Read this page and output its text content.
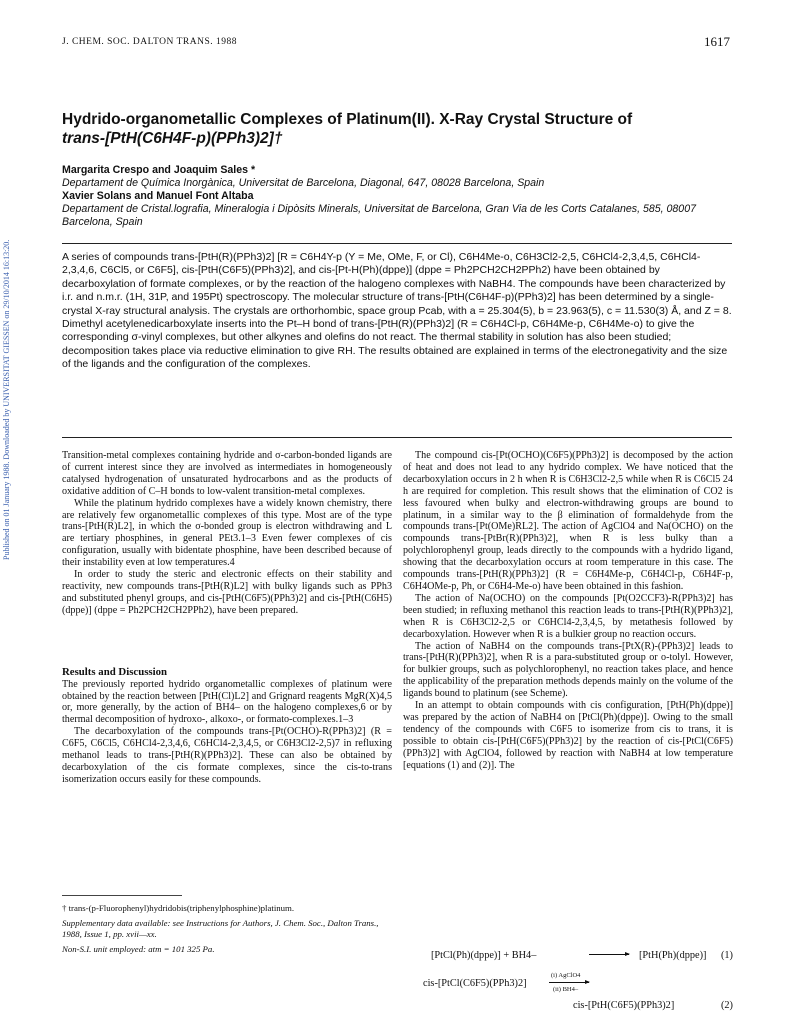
Published on 01 January 1988. Downloaded by UNIVERSITAT GIESSEN on 29/10/2014 16:13:20.
J. CHEM. SOC. DALTON TRANS. 1988	1617
Hydrido-organometallic Complexes of Platinum(II). X-Ray Crystal Structure of
trans-[PtH(C6H4F-p)(PPh3)2]†
Margarita Crespo and Joaquim Sales *
Departament de Química Inorgànica, Universitat de Barcelona, Diagonal, 647, 08028 Barcelona, Spain
Xavier Solans and Manuel Font Altaba
Departament de Cristal.lografia, Mineralogia i Dipòsits Minerals, Universitat de Barcelona, Gran Via de les Corts Catalanes, 585, 08007 Barcelona, Spain

A series of compounds trans-[PtH(R)(PPh3)2] [R = C6H4Y-p (Y = Me, OMe, F, or Cl), C6H4Me-o, C6H3Cl2-2,5, C6HCl4-2,3,4,5, C6HCl4-2,3,4,6, C6Cl5, or C6F5], cis-[PtH(C6F5)(PPh3)2], and cis-[Pt-H(Ph)(dppe)] (dppe = Ph2PCH2CH2PPh2) have been obtained by decarboxylation of formate complexes, or by the reaction of the halogeno complexes with NaBH4. The compounds have been characterized by i.r. and n.m.r. (1H, 31P, and 195Pt) spectroscopy. The molecular structure of trans-[PtH(C6H4F-p)(PPh3)2] has been determined by a single-crystal X-ray structural analysis. The crystals are orthorhombic, space group Pcab, with a = 25.304(5), b = 23.963(5), c = 11.530(3) Å, and Z = 8. Dimethyl acetylenedicarboxylate inserts into the Pt–H bond of trans-[PtH(R)(PPh3)2] (R = C6H4Cl-p, C6H4Me-p, C6H4Me-o) to give the corresponding σ-vinyl complexes, but other alkynes and olefins do not react. The thermal stability in solution has also been studied; decomposition takes place via reductive elimination to give RH. The results obtained are explained in terms of the electronegativity and the size of the ligands and the configuration of the complexes.

Transition-metal complexes containing hydride and σ-carbon-bonded ligands are of current interest since they are involved as intermediates in homogeneously catalysed hydrogenation of unsaturated hydrocarbons and as the products of oxidative addition of C–H bonds to low-valent transition-metal complexes.

While the platinum hydrido complexes have a widely known chemistry, there are relatively few organometallic complexes of this type. Most are of the type trans-[PtH(R)L2], in which the σ-bonded group is electron withdrawing and L are tertiary phosphines, in general PEt3.1–3 Even fewer complexes of cis configuration, usually with bidentate phosphine, have been described because of their instability even at low temperatures.4

In order to study the steric and electronic effects on their stability and reactivity, new compounds trans-[PtH(R)L2] with bulky ligands such as PPh3 and substituted phenyl groups, and cis-[PtH(C6F5)(PPh3)2] and cis-[PtH(C6H5)(dppe)] (dppe = Ph2PCH2CH2PPh2), have been prepared.

Results and Discussion

The previously reported hydrido organometallic complexes of platinum were obtained by the reaction between [PtH(Cl)L2] and Grignard reagents MgR(X)4,5 or, more generally, by the action of BH4– on the halogeno complexes,6 or by thermal decomposition of hydroxo-, alkoxo-, or formato-complexes.1–3

The decarboxylation of the compounds trans-[Pt(OCHO)-R(PPh3)2] (R = C6F5, C6Cl5, C6HCl4-2,3,4,6, C6HCl4-2,3,4,5, or C6H3Cl2-2,5)7 in refluxing methanol leads to trans-[PtH(R)(PPh3)2]. These can also be obtained by decarboxylation of the cis formate complexes, since the cis-to-trans isomerization occurs easily for these compounds.

† trans-(p-Fluorophenyl)hydridobis(triphenylphosphine)platinum.

Supplementary data available: see Instructions for Authors, J. Chem. Soc., Dalton Trans., 1988, Issue 1, pp. xvii—xx.

Non-S.I. unit employed: atm = 101 325 Pa.

The compound cis-[Pt(OCHO)(C6F5)(PPh3)2] is decomposed by the action of heat and does not lead to any hydrido complex. We have noticed that the decarboxylation occurs in 2 h when R is C6H3Cl2-2,5 while when R is C6Cl5 24 h are required for completion. This result shows that the elimination of CO2 is less favoured when bulky and electron-withdrawing groups are bound to platinum, in a similar way to the β elimination of formaldehyde from the compounds trans-[Pt(OMe)RL2]. The action of AgClO4 and Na(OCHO) on the compounds trans-[PtBr(R)(PPh3)2], when R is less bulky than a polychlorophenyl group, leads directly to the compounds with a hydrido ligand, showing that the decarboxylation occurs at room temperature in this case. The compounds trans-[PtH(R)(PPh3)2] (R = C6H4Me-p, C6H4Cl-p, C6H4F-p, C6H4OMe-p, Ph, or C6H4-Me-o) have been obtained in this fashion.

The action of Na(OCHO) on the compounds [Pt(O2CCF3)-R(PPh3)2] has been studied; in refluxing methanol this reaction leads to trans-[PtH(R)(PPh3)2], when R is C6H3Cl2-2,5 or C6HCl4-2,3,4,5, by metathesis followed by decarboxylation. However when R is a bulkier group no reaction occurs.

The action of NaBH4 on the compounds trans-[PtX(R)-(PPh3)2] leads to trans-[PtH(R)(PPh3)2], when R is a para-substituted group or o-tolyl. However, for bulkier groups, such as polychlorophenyl, no reaction takes place, and hence the applicability of the preparation methods depends mainly on the volume of the ligands bound to platinum (see Scheme).

In an attempt to obtain compounds with cis configuration, [PtH(Ph)(dppe)] was prepared by the action of NaBH4 on [PtCl(Ph)(dppe)]. Owing to the small tendency of the compounds with C6F5 to isomerize from cis to trans, it is possible to obtain cis-[PtH(C6F5)(PPh3)2] by the reaction of cis-[PtCl(C6F5)(PPh3)2] with AgClO4, followed by reaction with NaBH4 at low temperature [equations (1) and (2)]. The

[PtCl(Ph)(dppe)] + BH4–	[PtH(Ph)(dppe)] (1)
cis-[PtCl(C6F5)(PPh3)2]
(i) AgClO4
(ii) BH4–
cis-[PtH(C6F5)(PPh3)2]	(2)
